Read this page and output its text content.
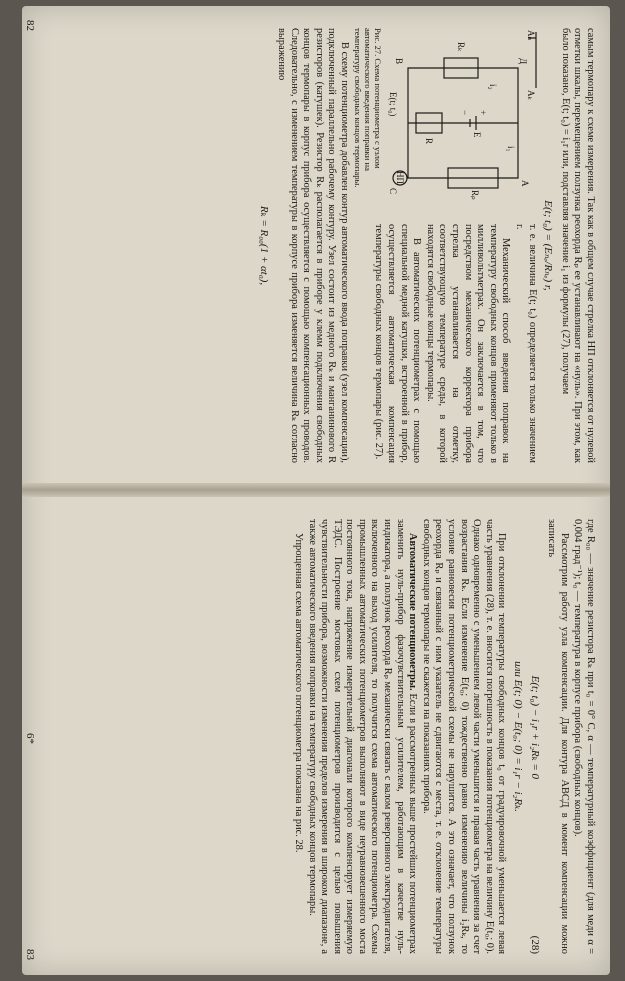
где R₀₀ — значение резистора Rₖ при t₀ = 0° С, α — температурный коэффициент (для меди α = 0,004 град⁻¹); t₀ — температура в корпусе прибора (свободных концов).

Рассмотрим работу узла компенсации. Для контура АВСД в момент компенсации можно записать

E(t; t₀) − i₁r + i₂Rₖ = 0
(28)
или E(t; 0) − E(t₀; 0) = i₁r − i₂Rₖ.

При отклонении температуры свободных концов t₀ от градуировочной уменьшается левая часть уравнения (28), т. е. вносится погрешность в показания потенциометра на величину E(t₀; 0). Однако одновременно с уменьшением левой части уменьшится и правая часть уравнения за счет возрастания Rₖ. Если изменение E(t₀; 0) тождественно равно изменению величины i₂Rₖ, то условие равновесия потенциометрической схемы не нарушится. А это означает, что ползунок реохорда Rₚ и связанный с ним указатель не сдвигаются с места, т. е. отклонение температуры свободных концов термопары не скажется на показаниях прибора.

Автоматические потенциометры. Если в рассмотренных выше простейших потенциометрах заменить нуль-прибор фазочувствительным усилителем, работающим в качестве нуль-индикатора, а ползунок реохорда Rₚ механически связать с валом реверсивного электродвигателя, включенного на выход усилителя, то получится схема автоматического потенциометра. Схемы промышленных автоматических потенциометров выполняют в виде неуравновешенного моста постоянного тока, напряжение измерительной диагонали которого компенсирует измеряемую ТЭДС. Построение мостовых схем потенциометров производится с целью повышения чувствительности прибора, возможности изменения пределов измерения в широком диапазоне, а также автоматического введения поправки на температуру свободных концов термопары.

Упрощенная схема автоматического потенциометра показана на рис. 28.

6*
83

самым термопару к схеме измерения. Так как в общем случае стрелка НП отклоняется от нулевой отметки шкалы, перемещением ползунка реохорда Rₚ ее устанавливают на «нуль». При этом, как было показано, E(t; t₀) = i₁r или, подставляя значение i₁ из формулы (27), получаем

E(t; t₀) = (Eₙₑ/Rₙₑ) r,
Aₙ
Aₖ
Rₚ
А
Д
i₁
i₂
Rₖ
В
R
E
С
НП
E(t; t₀)	+
−
Рис. 27. Схема потенциометра с узлом автоматического введения поправки на температуру свободных концов термопары.

т. е. величина E(t; t₀) определяется только значением r.

Механический способ введения поправок на температуру свободных концов применяют только в милливольтметрах. Он заключается в том, что посредством механического корректора прибора стрелка устанавливается на отметку, соответствующую температуре среды, в которой находятся свободные концы термопары.

В автоматических потенциометрах с помощью специальной медной катушки, встроенной в прибор, осуществляется автоматическая компенсация температуры свободных концов термопары (рис. 27).

В схему потенциометра добавлен контур автоматического ввода поправки (узел компенсации), подключенный параллельно рабочему контуру. Узел состоит из медного Rₖ и манганинового R резисторов (катушек). Резистор Rₖ располагается в приборе у клемм подключения свободных концов термопары в корпус прибора осуществляется с помощью компенсационных проводов. Следовательно, с изменением температуры в корпусе прибора изменяется величина Rₖ согласно выражению

Rₖ = R₀₀(1 + αt₀),
82
